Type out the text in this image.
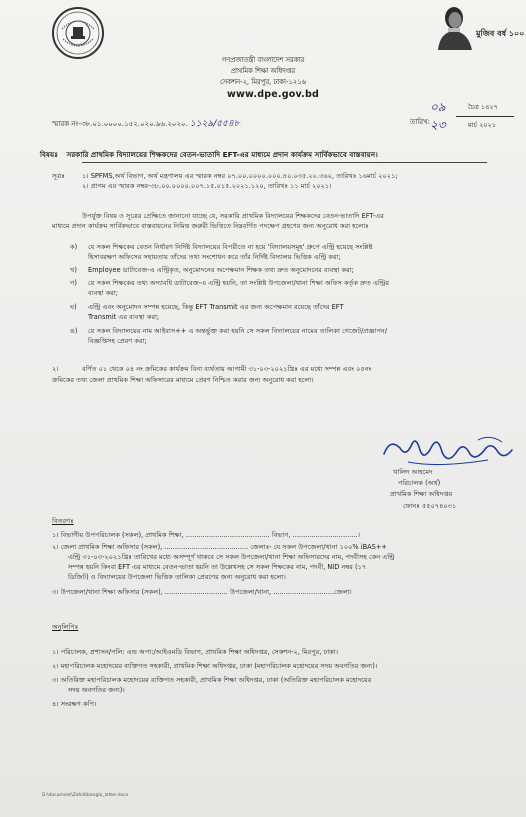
মুজিব বর্ষ ১০০
গণপ্রজাতন্ত্রী বাংলাদেশ সরকার
প্রাথমিক শিক্ষা অধিদপ্তর
সেকশন-২, মিরপুর, ঢাকা-১২১৬
www.dpe.gov.bd
স্মারক নং-৩৮.০১.০০০০.১৫২.০২০.৯৬.২০২০. ১১২৯/৫৫৪৮	তারিখ:
০৯	চৈত্র ১৪২৭
২৩	মার্চ ২০২১
বিষয়ঃ সরকারি প্রাথমিক বিদ্যালয়ের শিক্ষকদের বেতন-ভাতাদি EFT-এর মাধ্যমে প্রদান কার্যক্রম সার্বিকভাবে বাস্তবায়ন।
সূত্রঃ	১। SPFMS,অর্থ বিভাগ, অর্থ মন্ত্রণালয় এর স্মারক নম্বর ০৭.০০.০০০০.০০০.৪০.০৩৫.২০.৩৬০, তারিখঃ ১৬মার্চ ২০২১;
২। প্রাগম এর স্মারক নম্বর-৩৮.০০.০০০০.০০৭.১৫.০১৫.২০২১.১২০, তারিখঃ ১১ মার্চ ২০২১।
উপর্যুক্ত বিষয় ও সূত্রের প্রেক্ষিতে জানানো যাচ্ছে যে, সরকারি প্রাথমিক বিদ্যালয়ের শিক্ষকদের বেতন-ভাতাদি EFT-এর
মাধ্যমে প্রদান কার্যক্রম সার্বিকভাবে বাস্তবায়নের নিমিত্ত জরুরী ভিত্তিতে নিম্নবর্ণিত পদক্ষেপ গ্রহণের জন্য অনুরোধ করা হলোঃ
ক) যে সকল শিক্ষকের বেতন নির্ধারণ নির্দিষ্ট বিদ্যালয়ের বিপরীতে না হয়ে 'বিদ্যালয়সমূহ' গ্রুপে এন্ট্রি হয়েছে সংশ্লিষ্ট
হিসাবরক্ষণ অফিসের সহায়তায় তাঁদের তথ্য সংশোধন করে তাঁর নির্দিষ্ট বিদ্যালয় ভিত্তিক এন্ট্রি করা;
খ) Employee ডাটাবেজ-এ এন্ট্রিকৃত, অনুমোদনের অপেক্ষমান শিক্ষক তথ্য দ্রুত অনুমোদনের ব্যবস্থা করা;
গ) যে সকল শিক্ষকের তথ্য অদ্যাবধি ডাটাবেজ-এ এন্ট্রি হয়নি, তা সংশ্লিষ্ট উপজেলা/থানা শিক্ষা অফিস কর্তৃক দ্রুত এন্ট্রির
ব্যবস্থা করা;
ঘ) এন্ট্রি এবং অনুমোদন সম্পন্ন হয়েছে, কিন্তু EFT Transmit এর জন্য অপেক্ষমান রয়েছে তাঁদের EFT
Transmit এর ব্যবস্থা করা;
ঙ) যে সকল বিদ্যালয়ের নাম আইবাস++ এ অন্তর্ভুক্ত করা হয়নি সে সকল বিদ্যালয়ের নামের তালিকা গেজেট/প্রজ্ঞাপন/
বিজ্ঞপ্তিসহ প্রেরণ করা;
২।	বর্ণিত ০১ থেকে ০৪ নং ক্রমিকের কার্যক্রম বিনা ব্যর্থতায় আগামী ৩১-০৩-২০২১খ্রিঃ এর মধ্যে সম্পন্ন এবং ০৫নং
ক্রমিকের তথ্য জেলা প্রাথমিক শিক্ষা অফিসারের মাধ্যমে প্রেরণ নিশ্চিত করার জন্য অনুরোধ করা হলো।
খালিদ আহমেদ
পরিচালক (অর্থ)
প্রাথমিক শিক্ষা অধিদপ্তর
ফোনঃ ৫৫০৭৪০৩১
বিতরণঃ
১। বিভাগীয় উপপরিচালক (সকল), প্রাথমিক শিক্ষা, ........................................ বিভাগ, ...............................।
২। জেলা প্রাথমিক শিক্ষা অফিসার (সকল), ........................................ জেলাঃ- যে সকল উপজেলা/থানা ১০০% iBAS++
এন্ট্রি ৩১-০৩-২০২১খ্রিঃ তারিখের মধ্যে অসম্পূর্ণ থাকবে সে সকল উপজেলা/থানা শিক্ষা অফিসারদের নাম, পদবীসহ কেন এন্ট্রি
সম্পন্ন হয়নি কিংবা EFT এর মাধ্যমে বেতন-ভাতা হয়নি তা উল্লেখসহ সে সকল শিক্ষকের নাম, পদবী, NID নম্বর (১৭
ডিজিট) ও বিদ্যালয়ের উপজেলা ভিত্তিক তালিকা প্রেরণের জন্য অনুরোধ করা হলো।
৩। উপজেলা/থানা শিক্ষা অফিসার (সকল), .............................. উপজেলা/থানা, .............................জেলা।
অনুলিপিঃ
১। পরিচালক, প্রশাসন/পলি: এন্ড অপা:/আইএমডি বিভাগ, প্রাথমিক শিক্ষা অধিদপ্তর, সেকশন-২, মিরপুর, ঢাকা।
২। মহাপরিচালক মহোদয়ের ব্যক্তিগত সহকারী, প্রাথমিক শিক্ষা অধিদপ্তর, ঢাকা (মহাপরিচালক মহোদয়ের সদয় অবগতির জন্য)।
৩। অতিরিক্ত মহাপরিচালক মহোদয়ের ব্যক্তিগত সহকারী, প্রাথমিক শিক্ষা অধিদপ্তর, ঢাকা (অতিরিক্ত মহাপরিচালক মহোদয়ের
সদয় অবগতির জন্য)।
৪। সংরক্ষণ কপি।
D:\document\Zahid\bangla_letter.docx
